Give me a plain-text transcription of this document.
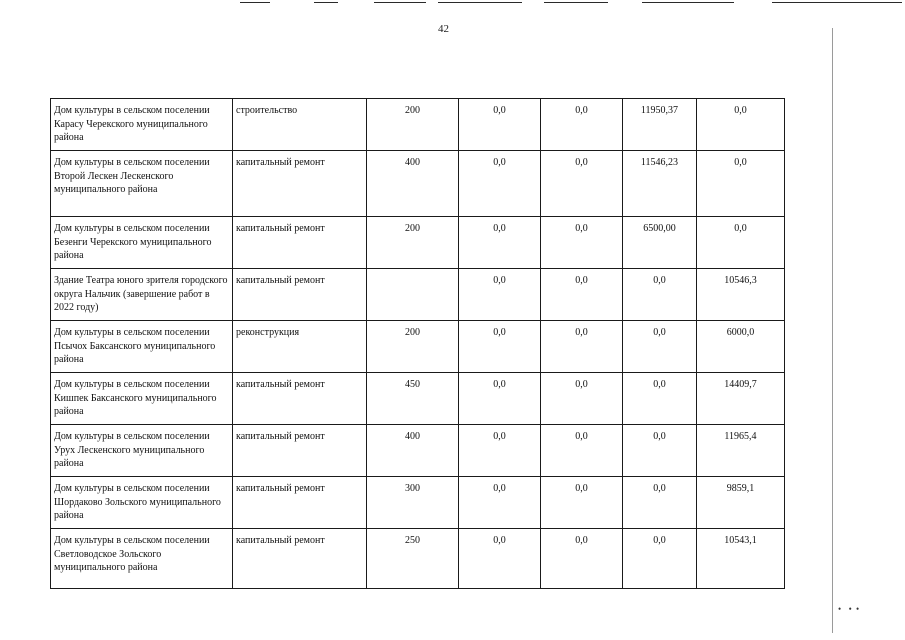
42
•  • •
Дом культуры в сельском поселении Карасу Черекского муниципального района	строительство	200	0,0	0,0	11950,37	0,0
Дом культуры в сельском поселении Второй Лескен Лескенского муниципального района	капитальный ремонт	400	0,0	0,0	11546,23	0,0
Дом культуры в сельском поселении Безенги Черекского муниципального района	капитальный ремонт	200	0,0	0,0	6500,00	0,0
Здание Театра юного зрителя городского округа Нальчик (завершение работ в 2022 году)	капитальный ремонт		0,0	0,0	0,0	10546,3
Дом культуры в сельском поселении Псычох Баксанского муниципального района	реконструкция	200	0,0	0,0	0,0	6000,0
Дом культуры в сельском поселении Кишпек Баксанского муниципального района	капитальный ремонт	450	0,0	0,0	0,0	14409,7
Дом культуры в сельском поселении Урух Лескенского муниципального района	капитальный ремонт	400	0,0	0,0	0,0	11965,4
Дом культуры в сельском поселении Шордаково Зольского муниципального района	капитальный ремонт	300	0,0	0,0	0,0	9859,1
Дом культуры в сельском поселении Светловодское Зольского муниципального района	капитальный ремонт	250	0,0	0,0	0,0	10543,1
